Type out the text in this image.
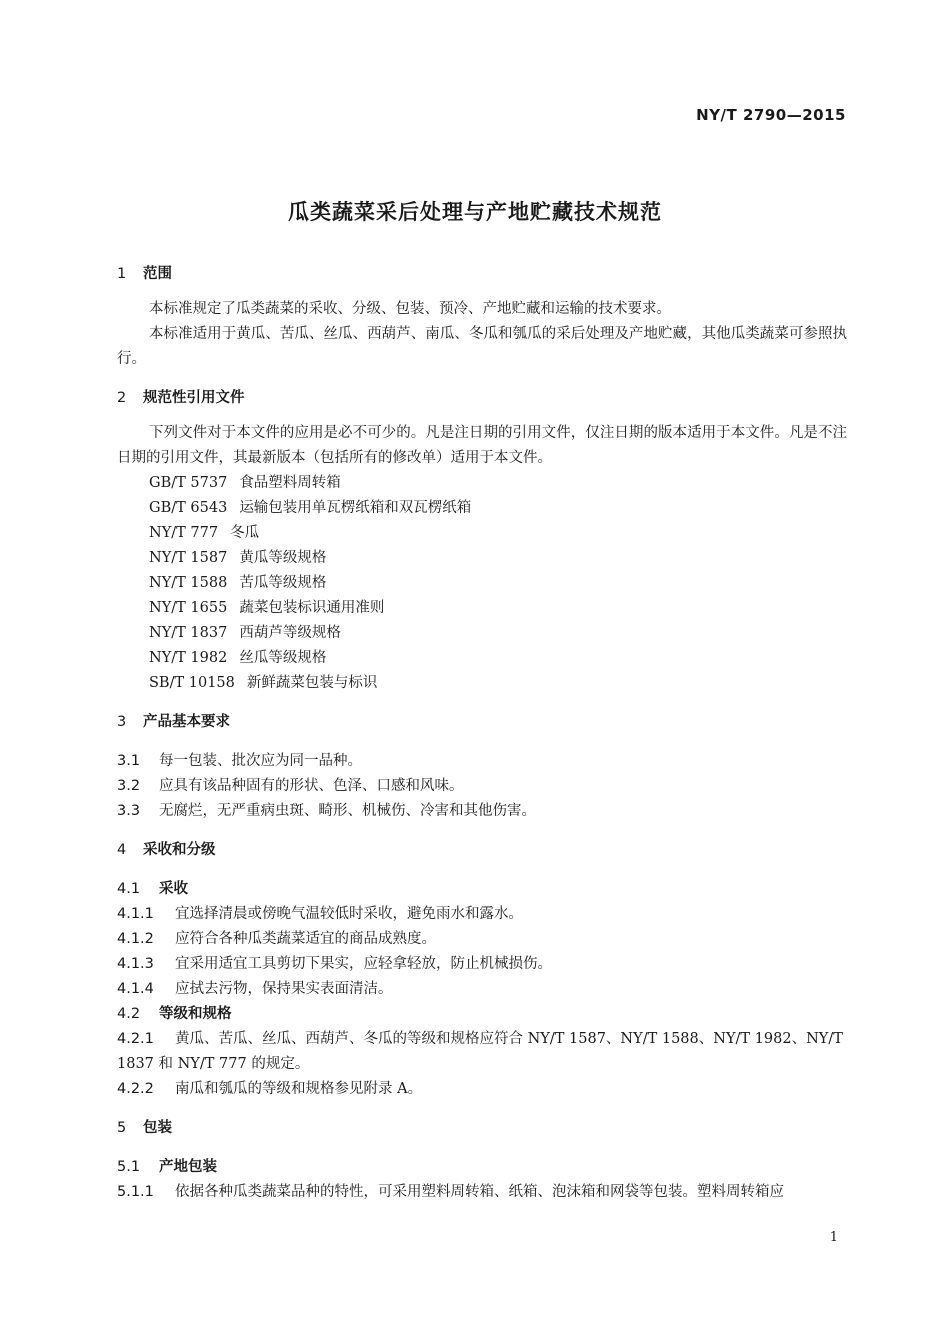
NY/T 2790—2015
瓜类蔬菜采后处理与产地贮藏技术规范
1 范围

本标准规定了瓜类蔬菜的采收、分级、包装、预冷、产地贮藏和运输的技术要求。

本标准适用于黄瓜、苦瓜、丝瓜、西葫芦、南瓜、冬瓜和瓠瓜的采后处理及产地贮藏，其他瓜类蔬菜可参照执行。

2 规范性引用文件

下列文件对于本文件的应用是必不可少的。凡是注日期的引用文件，仅注日期的版本适用于本文件。凡是不注日期的引用文件，其最新版本（包括所有的修改单）适用于本文件。

GB/T 5737 食品塑料周转箱
GB/T 6543 运输包装用单瓦楞纸箱和双瓦楞纸箱
NY/T 777 冬瓜
NY/T 1587 黄瓜等级规格
NY/T 1588 苦瓜等级规格
NY/T 1655 蔬菜包装标识通用准则
NY/T 1837 西葫芦等级规格
NY/T 1982 丝瓜等级规格
SB/T 10158 新鲜蔬菜包装与标识
3 产品基本要求
3.1 每一包装、批次应为同一品种。
3.2 应具有该品种固有的形状、色泽、口感和风味。
3.3 无腐烂，无严重病虫斑、畸形、机械伤、冷害和其他伤害。
4 采收和分级
4.1 采收
4.1.1 宜选择清晨或傍晚气温较低时采收，避免雨水和露水。
4.1.2 应符合各种瓜类蔬菜适宜的商品成熟度。
4.1.3 宜采用适宜工具剪切下果实，应轻拿轻放，防止机械损伤。
4.1.4 应拭去污物，保持果实表面清洁。
4.2 等级和规格
4.2.1 黄瓜、苦瓜、丝瓜、西葫芦、冬瓜的等级和规格应符合 NY/T 1587、NY/T 1588、NY/T 1982、NY/T 1837 和 NY/T 777 的规定。
4.2.2 南瓜和瓠瓜的等级和规格参见附录 A。
5 包装
5.1 产地包装
5.1.1 依据各种瓜类蔬菜品种的特性，可采用塑料周转箱、纸箱、泡沫箱和网袋等包装。塑料周转箱应
1
